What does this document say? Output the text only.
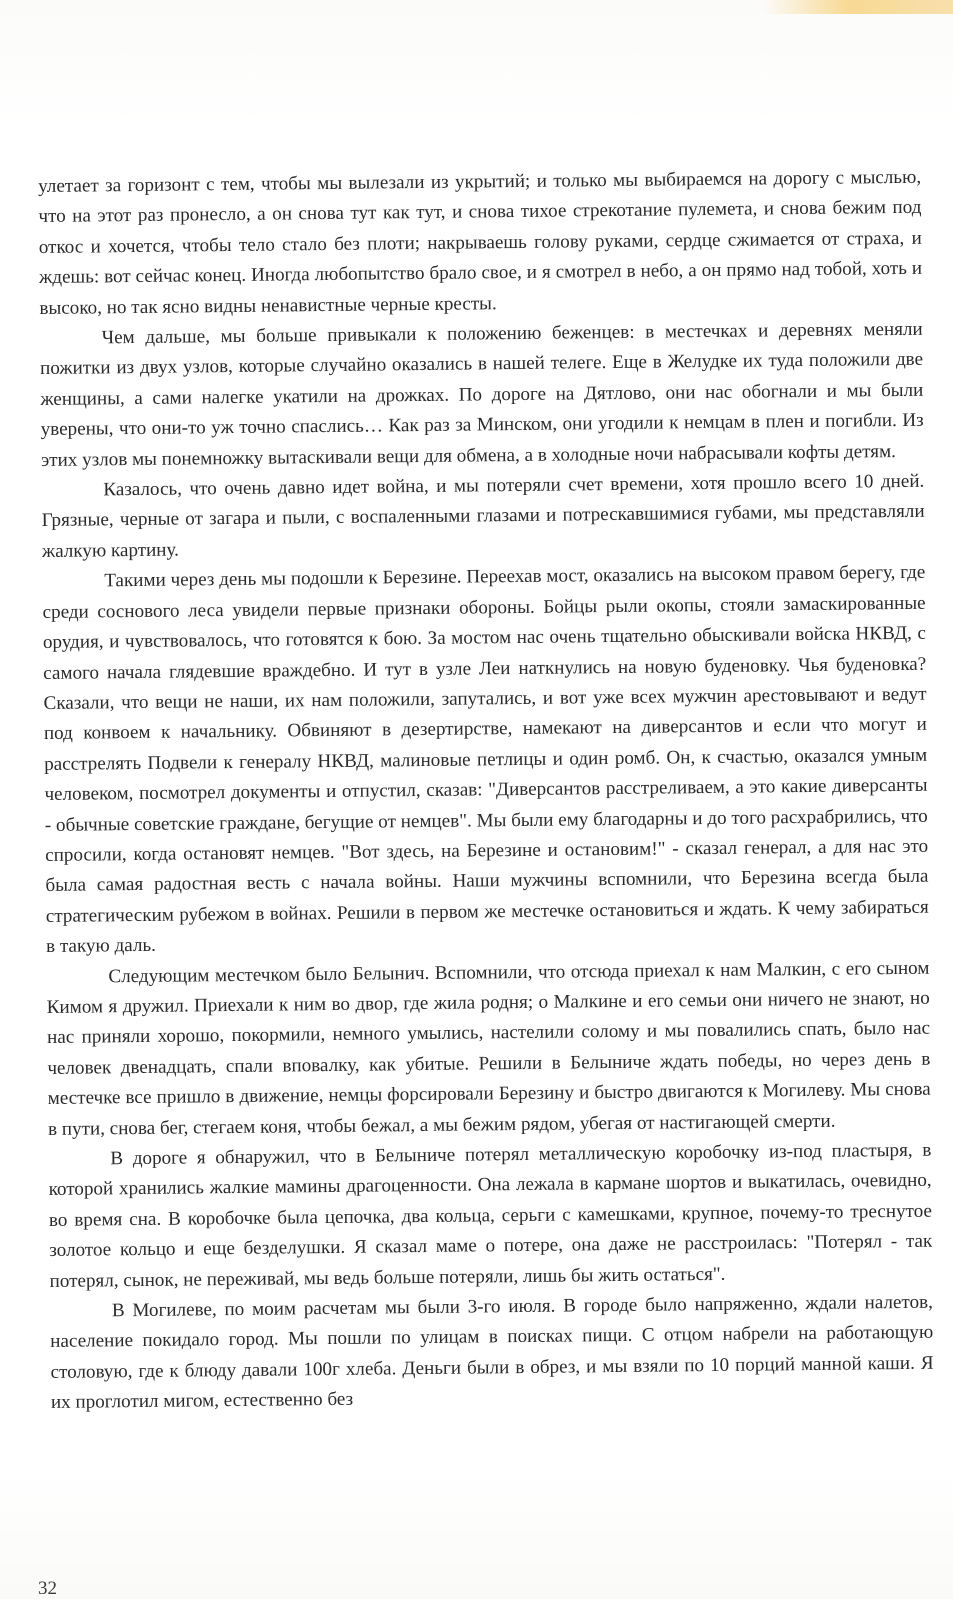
улетает за горизонт с тем, чтобы мы вылезали из укрытий; и только мы выбираемся на дорогу с мыслью, что на этот раз пронесло, а он снова тут как тут, и снова тихое стрекотание пулемета, и снова бежим под откос и хочется, чтобы тело стало без плоти; накрываешь голову руками, сердце сжимается от страха, и ждешь: вот сейчас конец. Иногда любопытство брало свое, и я смотрел в небо, а он прямо над тобой, хоть и высоко, но так ясно видны ненавистные черные кресты.

Чем дальше, мы больше привыкали к положению беженцев: в местечках и деревнях меняли пожитки из двух узлов, которые случайно оказались в нашей телеге. Еще в Желудке их туда положили две женщины, а сами налегке укатили на дрожках. По дороге на Дятлово, они нас обогнали и мы были уверены, что они-то уж точно спаслись… Как раз за Минском, они угодили к немцам в плен и погибли. Из этих узлов мы понемножку вытаскивали вещи для обмена, а в холодные ночи набрасывали кофты детям.

Казалось, что очень давно идет война, и мы потеряли счет времени, хотя прошло всего 10 дней. Грязные, черные от загара и пыли, с воспаленными глазами и потрескавшимися губами, мы представляли жалкую картину.

Такими через день мы подошли к Березине. Переехав мост, оказались на высоком правом берегу, где среди соснового леса увидели первые признаки обороны. Бойцы рыли окопы, стояли замаскированные орудия, и чувствовалось, что готовятся к бою. За мостом нас очень тщательно обыскивали войска НКВД, с самого начала глядевшие враждебно. И тут в узле Леи наткнулись на новую буденовку. Чья буденовка? Сказали, что вещи не наши, их нам положили, запутались, и вот уже всех мужчин арестовывают и ведут под конвоем к начальнику. Обвиняют в дезертирстве, намекают на диверсантов и если что могут и расстрелять Подвели к генералу НКВД, малиновые петлицы и один ромб. Он, к счастью, оказался умным человеком, посмотрел документы и отпустил, сказав: "Диверсантов расстреливаем, а это какие диверсанты - обычные советские граждане, бегущие от немцев". Мы были ему благодарны и до того расхрабрились, что спросили, когда остановят немцев. "Вот здесь, на Березине и остановим!" - сказал генерал, а для нас это была самая радостная весть с начала войны. Наши мужчины вспомнили, что Березина всегда была стратегическим рубежом в войнах. Решили в первом же местечке остановиться и ждать. К чему забираться в такую даль.

Следующим местечком было Белынич. Вспомнили, что отсюда приехал к нам Малкин, с его сыном Кимом я дружил. Приехали к ним во двор, где жила родня; о Малкине и его семьи они ничего не знают, но нас приняли хорошо, покормили, немного умылись, настелили солому и мы повалились спать, было нас человек двенадцать, спали вповалку, как убитые. Решили в Белыниче ждать победы, но через день в местечке все пришло в движение, немцы форсировали Березину и быстро двигаются к Могилеву. Мы снова в пути, снова бег, стегаем коня, чтобы бежал, а мы бежим рядом, убегая от настигающей смерти.

В дороге я обнаружил, что в Белыниче потерял металлическую коробочку из-под пластыря, в которой хранились жалкие мамины драгоценности. Она лежала в кармане шортов и выкатилась, очевидно, во время сна. В коробочке была цепочка, два кольца, серьги с камешками, крупное, почему-то треснутое золотое кольцо и еще безделушки. Я сказал маме о потере, она даже не расстроилась: "Потерял - так потерял, сынок, не переживай, мы ведь больше потеряли, лишь бы жить остаться".

В Могилеве, по моим расчетам мы были 3-го июля. В городе было напряженно, ждали налетов, население покидало город. Мы пошли по улицам в поисках пищи. С отцом набрели на работающую столовую, где к блюду давали 100г хлеба. Деньги были в обрез, и мы взяли по 10 порций манной каши. Я их проглотил мигом, естественно без

32
